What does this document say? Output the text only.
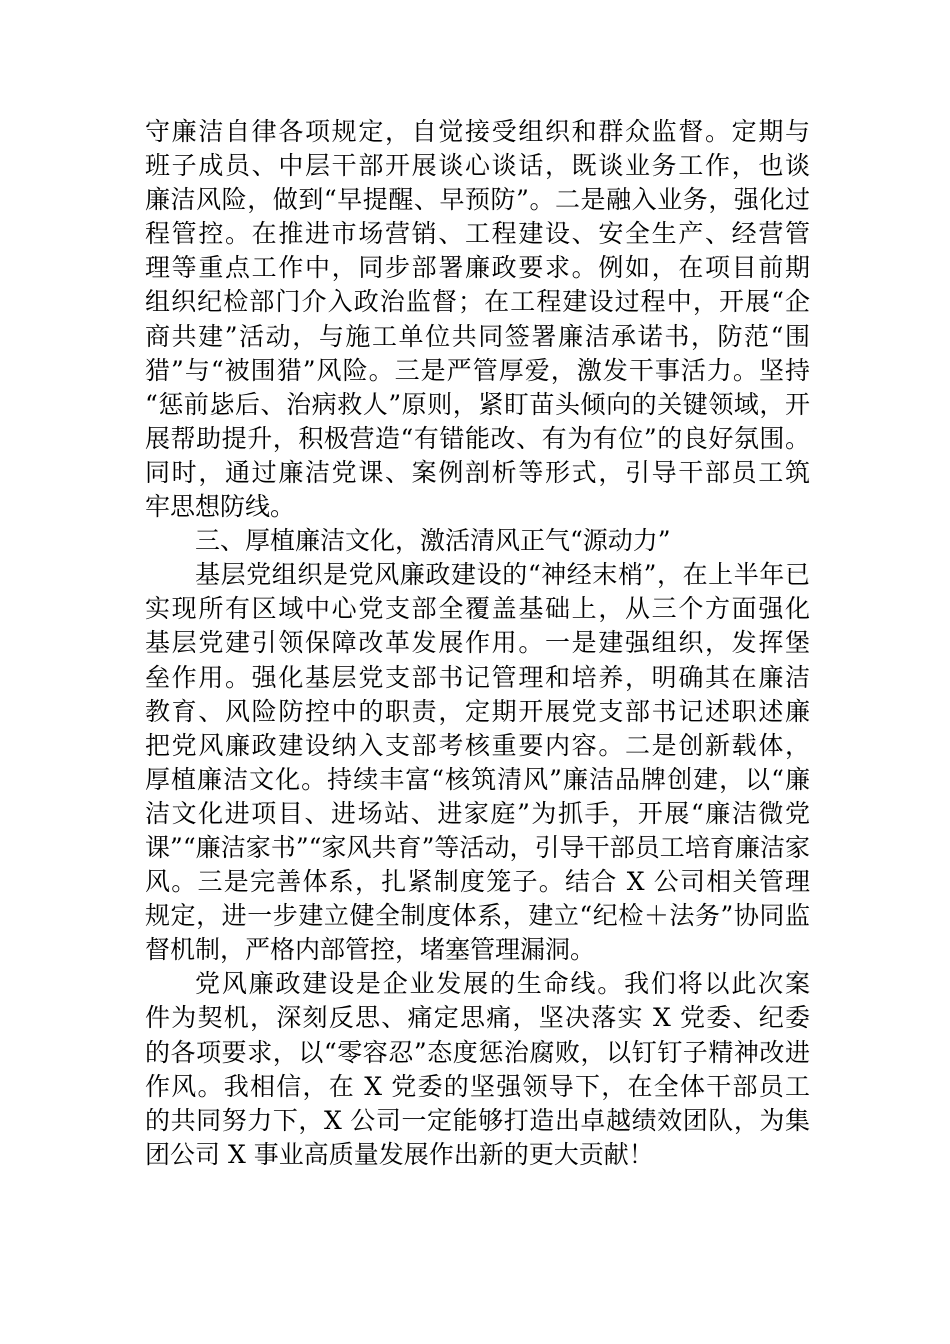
守廉洁自律各项规定，自觉接受组织和群众监督。定期与
班子成员、中层干部开展谈心谈话，既谈业务工作，也谈
廉洁风险，做到“早提醒、早预防”。二是融入业务，强化过
程管控。在推进市场营销、工程建设、安全生产、经营管
理等重点工作中，同步部署廉政要求。例如，在项目前期
组织纪检部门介入政治监督；在工程建设过程中，开展“企
商共建”活动，与施工单位共同签署廉洁承诺书，防范“围
猎”与“被围猎”风险。三是严管厚爱，激发干事活力。坚持
“惩前毖后、治病救人”原则，紧盯苗头倾向的关键领域，开
展帮助提升，积极营造“有错能改、有为有位”的良好氛围。
同时，通过廉洁党课、案例剖析等形式，引导干部员工筑
牢思想防线。
三、厚植廉洁文化，激活清风正气“源动力”
基层党组织是党风廉政建设的“神经末梢”，在上半年已
实现所有区域中心党支部全覆盖基础上，从三个方面强化
基层党建引领保障改革发展作用。一是建强组织，发挥堡
垒作用。强化基层党支部书记管理和培养，明确其在廉洁
教育、风险防控中的职责，定期开展党支部书记述职述廉
把党风廉政建设纳入支部考核重要内容。二是创新载体，
厚植廉洁文化。持续丰富“核筑清风”廉洁品牌创建，以“廉
洁文化进项目、进场站、进家庭”为抓手，开展“廉洁微党
课”“廉洁家书”“家风共育”等活动，引导干部员工培育廉洁家
风。三是完善体系，扎紧制度笼子。结合 X 公司相关管理
规定，进一步建立健全制度体系，建立“纪检＋法务”协同监
督机制，严格内部管控，堵塞管理漏洞。
党风廉政建设是企业发展的生命线。我们将以此次案
件为契机，深刻反思、痛定思痛，坚决落实 X 党委、纪委
的各项要求，以“零容忍”态度惩治腐败，以钉钉子精神改进
作风。我相信，在 X 党委的坚强领导下，在全体干部员工
的共同努力下，X 公司一定能够打造出卓越绩效团队，为集
团公司 X 事业高质量发展作出新的更大贡献！
